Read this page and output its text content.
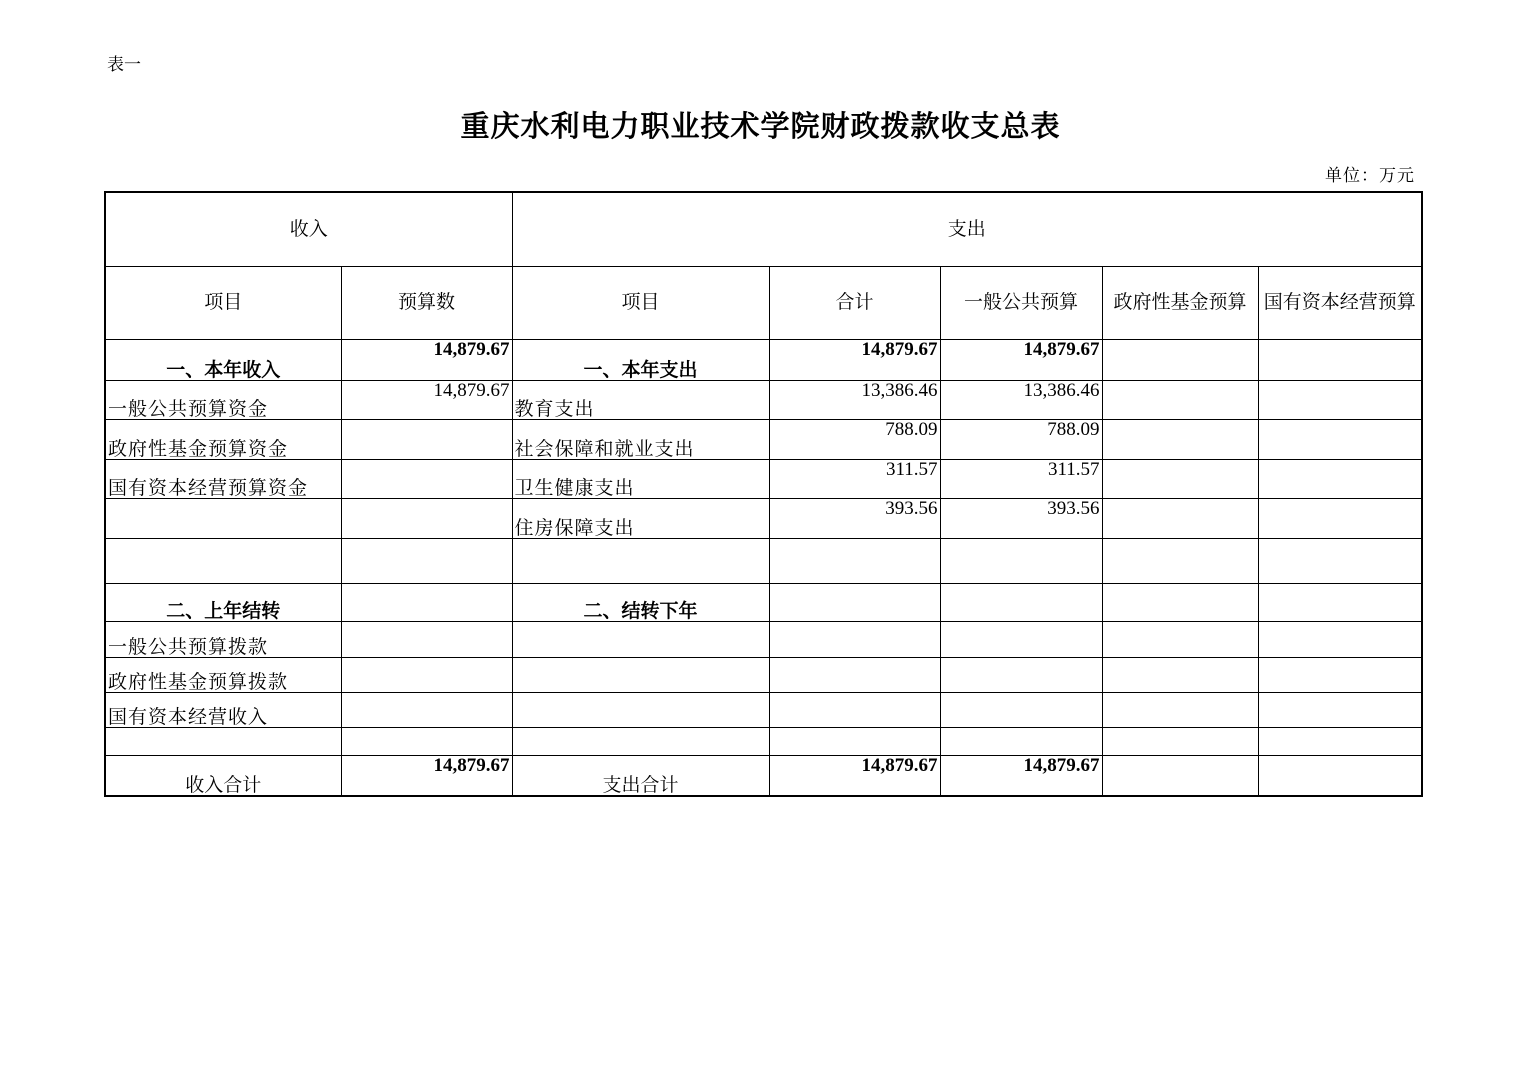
表一
重庆水利电力职业技术学院财政拨款收支总表
单位：万元
收入		支出				
项目	预算数	项目	合计	一般公共预算	政府性基金预算	国有资本经营预算
一、本年收入	14,879.67	一、本年支出	14,879.67	14,879.67		
一般公共预算资金	14,879.67	教育支出	13,386.46	13,386.46		
政府性基金预算资金		社会保障和就业支出	788.09	788.09		
国有资本经营预算资金		卫生健康支出	311.57	311.57		
		住房保障支出	393.56	393.56		

二、上年结转		二、结转下年				
一般公共预算拨款						
政府性基金预算拨款						
国有资本经营收入						

收入合计	14,879.67	支出合计	14,879.67	14,879.67		
